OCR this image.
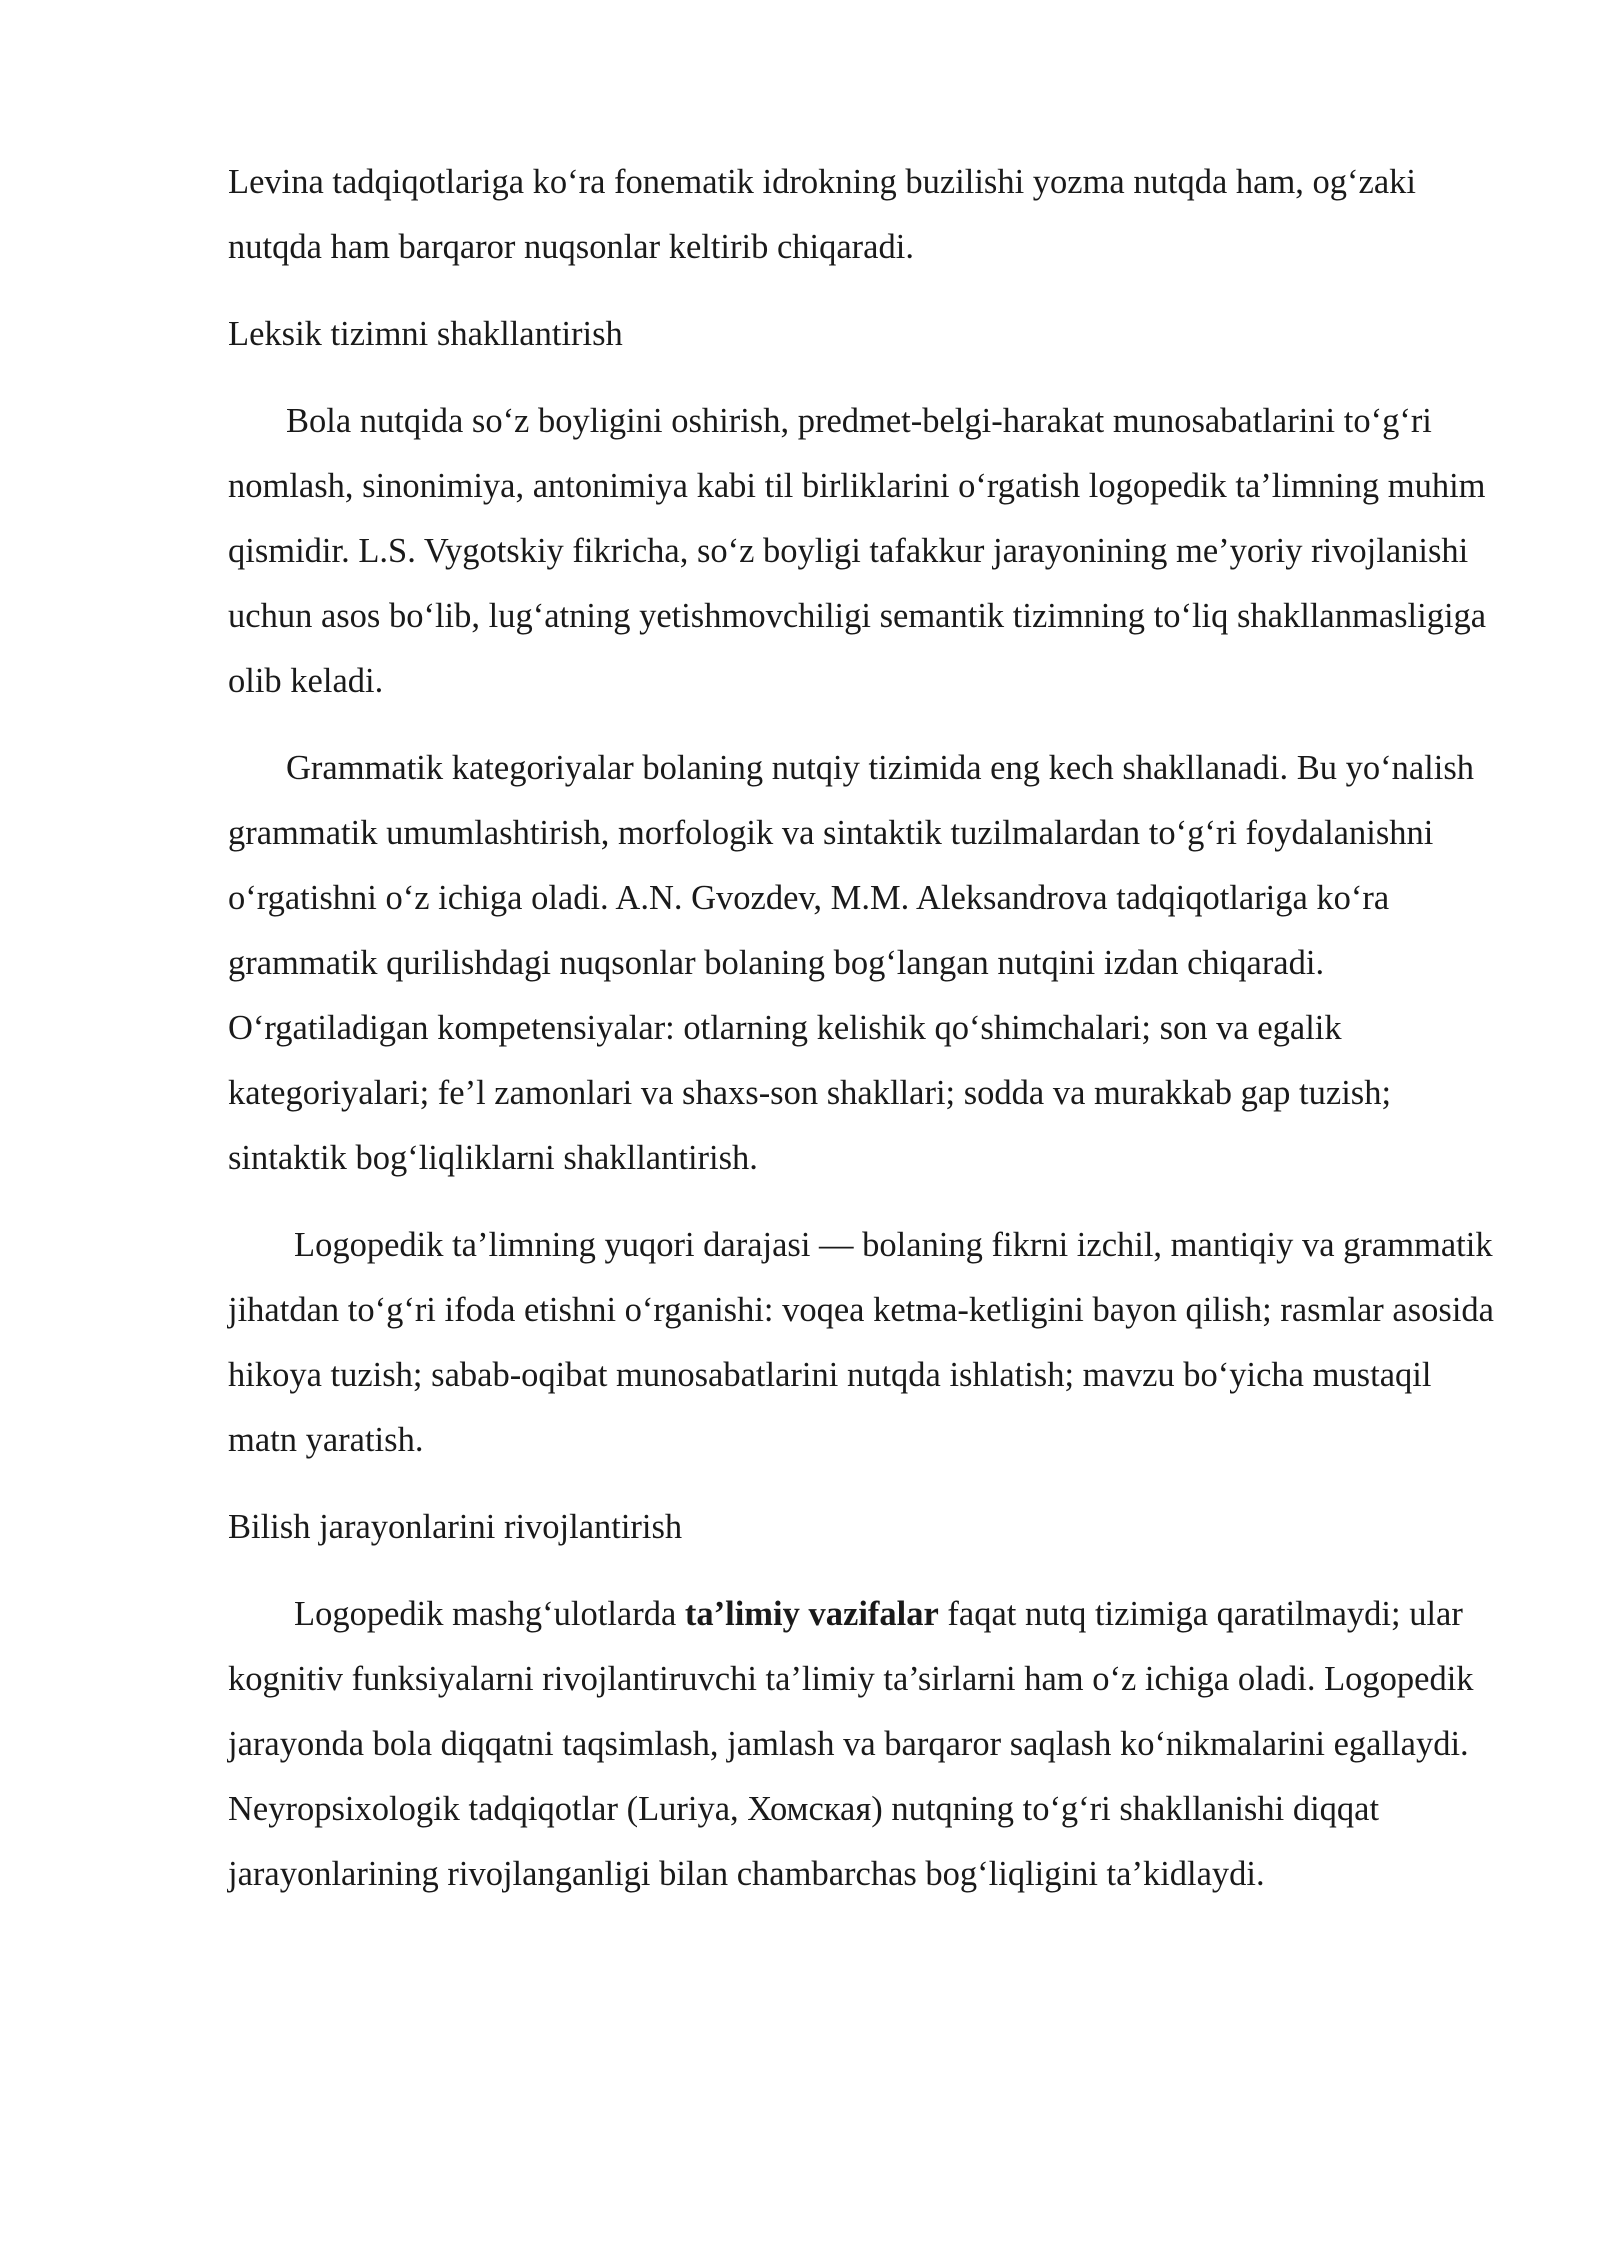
Levina tadqiqotlariga ko‘ra fonematik idrokning buzilishi yozma nutqda ham, og‘zaki nutqda ham barqaror nuqsonlar keltirib chiqaradi.

Leksik tizimni shakllantirish

Bola nutqida so‘z boyligini oshirish, predmet-belgi-harakat munosabatlarini to‘g‘ri nomlash, sinonimiya, antonimiya kabi til birliklarini o‘rgatish logopedik ta’limning muhim qismidir. L.S. Vygotskiy fikricha, so‘z boyligi tafakkur jarayonining me’yoriy rivojlanishi uchun asos bo‘lib, lug‘atning yetishmovchiligi semantik tizimning to‘liq shakllanmasligiga olib keladi.

Grammatik kategoriyalar bolaning nutqiy tizimida eng kech shakllanadi. Bu yo‘nalish grammatik umumlashtirish, morfologik va sintaktik tuzilmalardan to‘g‘ri foydalanishni o‘rgatishni o‘z ichiga oladi. A.N. Gvozdev, M.M. Aleksandrova tadqiqotlariga ko‘ra grammatik qurilishdagi nuqsonlar bolaning bog‘langan nutqini izdan chiqaradi. O‘rgatiladigan kompetensiyalar: otlarning kelishik qo‘shimchalari; son va egalik kategoriyalari; fe’l zamonlari va shaxs-son shakllari; sodda va murakkab gap tuzish; sintaktik bog‘liqliklarni shakllantirish.

Logopedik ta’limning yuqori darajasi — bolaning fikrni izchil, mantiqiy va grammatik jihatdan to‘g‘ri ifoda etishni o‘rganishi: voqea ketma-ketligini bayon qilish; rasmlar asosida hikoya tuzish; sabab-oqibat munosabatlarini nutqda ishlatish; mavzu bo‘yicha mustaqil matn yaratish.

Bilish jarayonlarini rivojlantirish

Logopedik mashg‘ulotlarda ta’limiy vazifalar faqat nutq tizimiga qaratilmaydi; ular kognitiv funksiyalarni rivojlantiruvchi ta’limiy ta’sirlarni ham o‘z ichiga oladi. Logopedik jarayonda bola diqqatni taqsimlash, jamlash va barqaror saqlash ko‘nikmalarini egallaydi. Neyropsixologik tadqiqotlar (Luriya, Хомская) nutqning to‘g‘ri shakllanishi diqqat jarayonlarining rivojlanganligi bilan chambarchas bog‘liqligini ta’kidlaydi.
